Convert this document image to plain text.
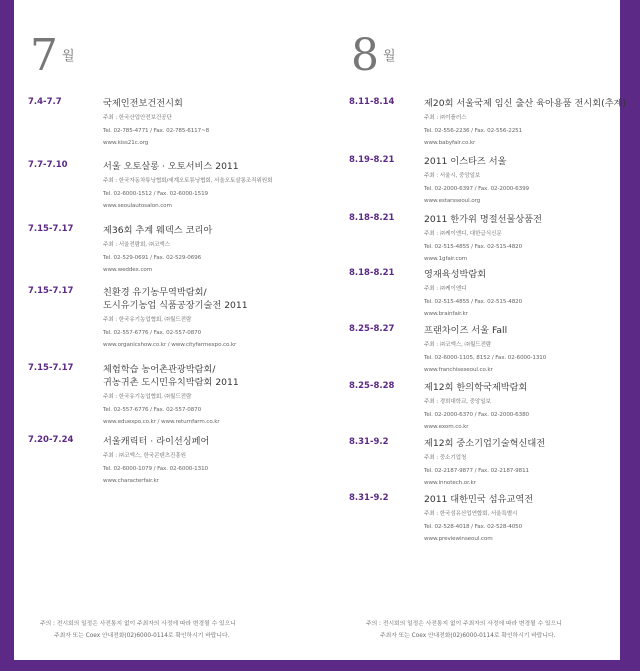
7 $^월$
7.4-7.7	국제인전보건전시회
주최 : 한국산업안전보건공단
Tel. 02-785-4771 / Fax. 02-785-6117~8
www.kiss21c.org
7.7-7.10	서울 오토살롱 · 오토서비스 2011
주최 : 한국자동차튜닝협회/세계오토튜닝협회, 서울오토살롱조직위원회
Tel. 02-6000-1512 / Fax. 02-6000-1519
www.seoulautosalon.com
7.15-7.17	제36회 추계 웨덱스 코리아
주최 : 서울전람회, ㈜코엑스
Tel. 02-529-0691 / Fax. 02-529-0696
www.weddex.com
7.15-7.17	친환경 유기농무역박람회/
도시유기농업 식품공장기술전 2011
주최 : 한국유기농업협회, ㈜월드전람
Tel. 02-557-6776 / Fax. 02-557-0870
www.organicshow.co.kr / www.cityfarmexpo.co.kr
7.15-7.17	체험학습 농어촌관광박람회/
귀농귀촌 도시민유치박람회 2011
주최 : 한국유기농업협회, ㈜월드전람
Tel. 02-557-6776 / Fax. 02-557-0870
www.eduexpo.co.kr / www.returnfarm.co.kr
7.20-7.24	서울캐릭터 · 라이선싱페어
주최 : ㈜코엑스, 한국콘텐츠진흥원
Tel. 02-6000-1079 / Fax. 02-6000-1310
www.characterfair.kr
8 $^월$
8.11-8.14	제20회 서울국제 임신 출산 육아용품 전시회(추계)
주최 : ㈜이플러스
Tel. 02-556-2236 / Fax. 02-556-2251
www.babyfair.co.kr
8.19-8.21	2011 이스타즈 서울
주최 : 서울시, 중앙일보
Tel. 02-2000-6397 / Fax. 02-2000-6399
www.estarsseoul.org
8.18-8.21	2011 한가위 명절선물상품전
주최 : ㈜케이엔디, 대한급식신문
Tel. 02-515-4855 / Fax. 02-515-4820
www.1gfair.com
8.18-8.21	영재육성박람회
주최 : ㈜케이엔디
Tel. 02-515-4855 / Fax. 02-515-4820
www.brainfair.kr
8.25-8.27	프랜차이즈 서울 Fall
주최 : ㈜코엑스, ㈜월드전람
Tel. 02-6000-1105, 8152 / Fax. 02-6000-1310
www.franchiseseoul.co.kr
8.25-8.28	제12회 한의학국제박람회
주최 : 경희대학교, 중앙일보
Tel. 02-2000-6370 / Fax. 02-2000-6380
www.exom.co.kr
8.31-9.2	제12회 중소기업기술혁신대전
주최 : 중소기업청
Tel. 02-2187-9877 / Fax. 02-2187-9811
www.innotech.or.kr
8.31-9.2	2011 대한민국 섬유교역전
주최 : 한국섬유산업연합회, 서울특별시
Tel. 02-528-4018 / Fax. 02-528-4050
www.previewinseoul.com
주의 : 전시회의 일정은 사전통지 없이 주최자의 사정에 따라 변경될 수 있으니
주최자 또는 Coex 안내전화(02)6000-0114로 확인하시기 바랍니다.
주의 : 전시회의 일정은 사전통지 없이 주최자의 사정에 따라 변경될 수 있으니
주최자 또는 Coex 안내전화(02)6000-0114로 확인하시기 바랍니다.
